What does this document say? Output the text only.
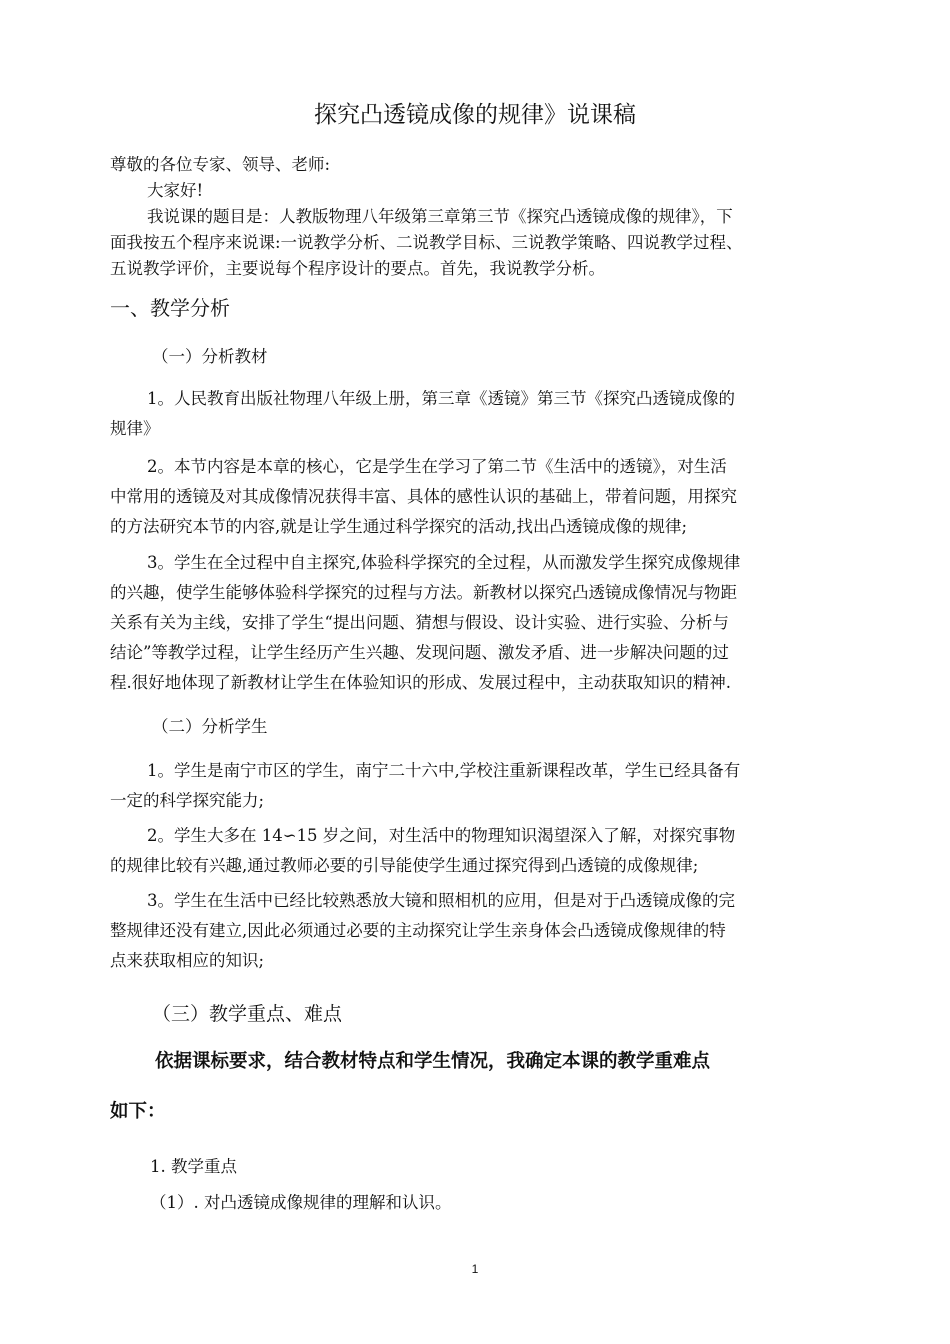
探究凸透镜成像的规律》说课稿

尊敬的各位专家、领导、老师:

大家好!

我说课的题目是：人教版物理八年级第三章第三节《探究凸透镜成像的规律》，下

面我按五个程序来说课:一说教学分析、二说教学目标、三说教学策略、四说教学过程、

五说教学评价，主要说每个程序设计的要点。首先，我说教学分析。

一、教学分析

（一）分析教材

1。人民教育出版社物理八年级上册，第三章《透镜》第三节《探究凸透镜成像的

规律》

2。本节内容是本章的核心，它是学生在学习了第二节《生活中的透镜》，对生活

中常用的透镜及对其成像情况获得丰富、具体的感性认识的基础上，带着问题，用探究

的方法研究本节的内容,就是让学生通过科学探究的活动,找出凸透镜成像的规律;

3。学生在全过程中自主探究,体验科学探究的全过程，从而激发学生探究成像规律

的兴趣，使学生能够体验科学探究的过程与方法。新教材以探究凸透镜成像情况与物距

关系有关为主线，安排了学生“提出问题、猜想与假设、设计实验、进行实验、分析与

结论”等教学过程，让学生经历产生兴趣、发现问题、激发矛盾、进一步解决问题的过

程.很好地体现了新教材让学生在体验知识的形成、发展过程中，主动获取知识的精神.

（二）分析学生

1。学生是南宁市区的学生，南宁二十六中,学校注重新课程改革，学生已经具备有

一定的科学探究能力;

2。学生大多在 14∽15 岁之间，对生活中的物理知识渴望深入了解，对探究事物

的规律比较有兴趣,通过教师必要的引导能使学生通过探究得到凸透镜的成像规律;

3。学生在生活中已经比较熟悉放大镜和照相机的应用，但是对于凸透镜成像的完

整规律还没有建立,因此必须通过必要的主动探究让学生亲身体会凸透镜成像规律的特

点来获取相应的知识;

（三）教学重点、难点

依据课标要求，结合教材特点和学生情况，我确定本课的教学重难点

如下：

1. 教学重点

（1）. 对凸透镜成像规律的理解和认识。

1
